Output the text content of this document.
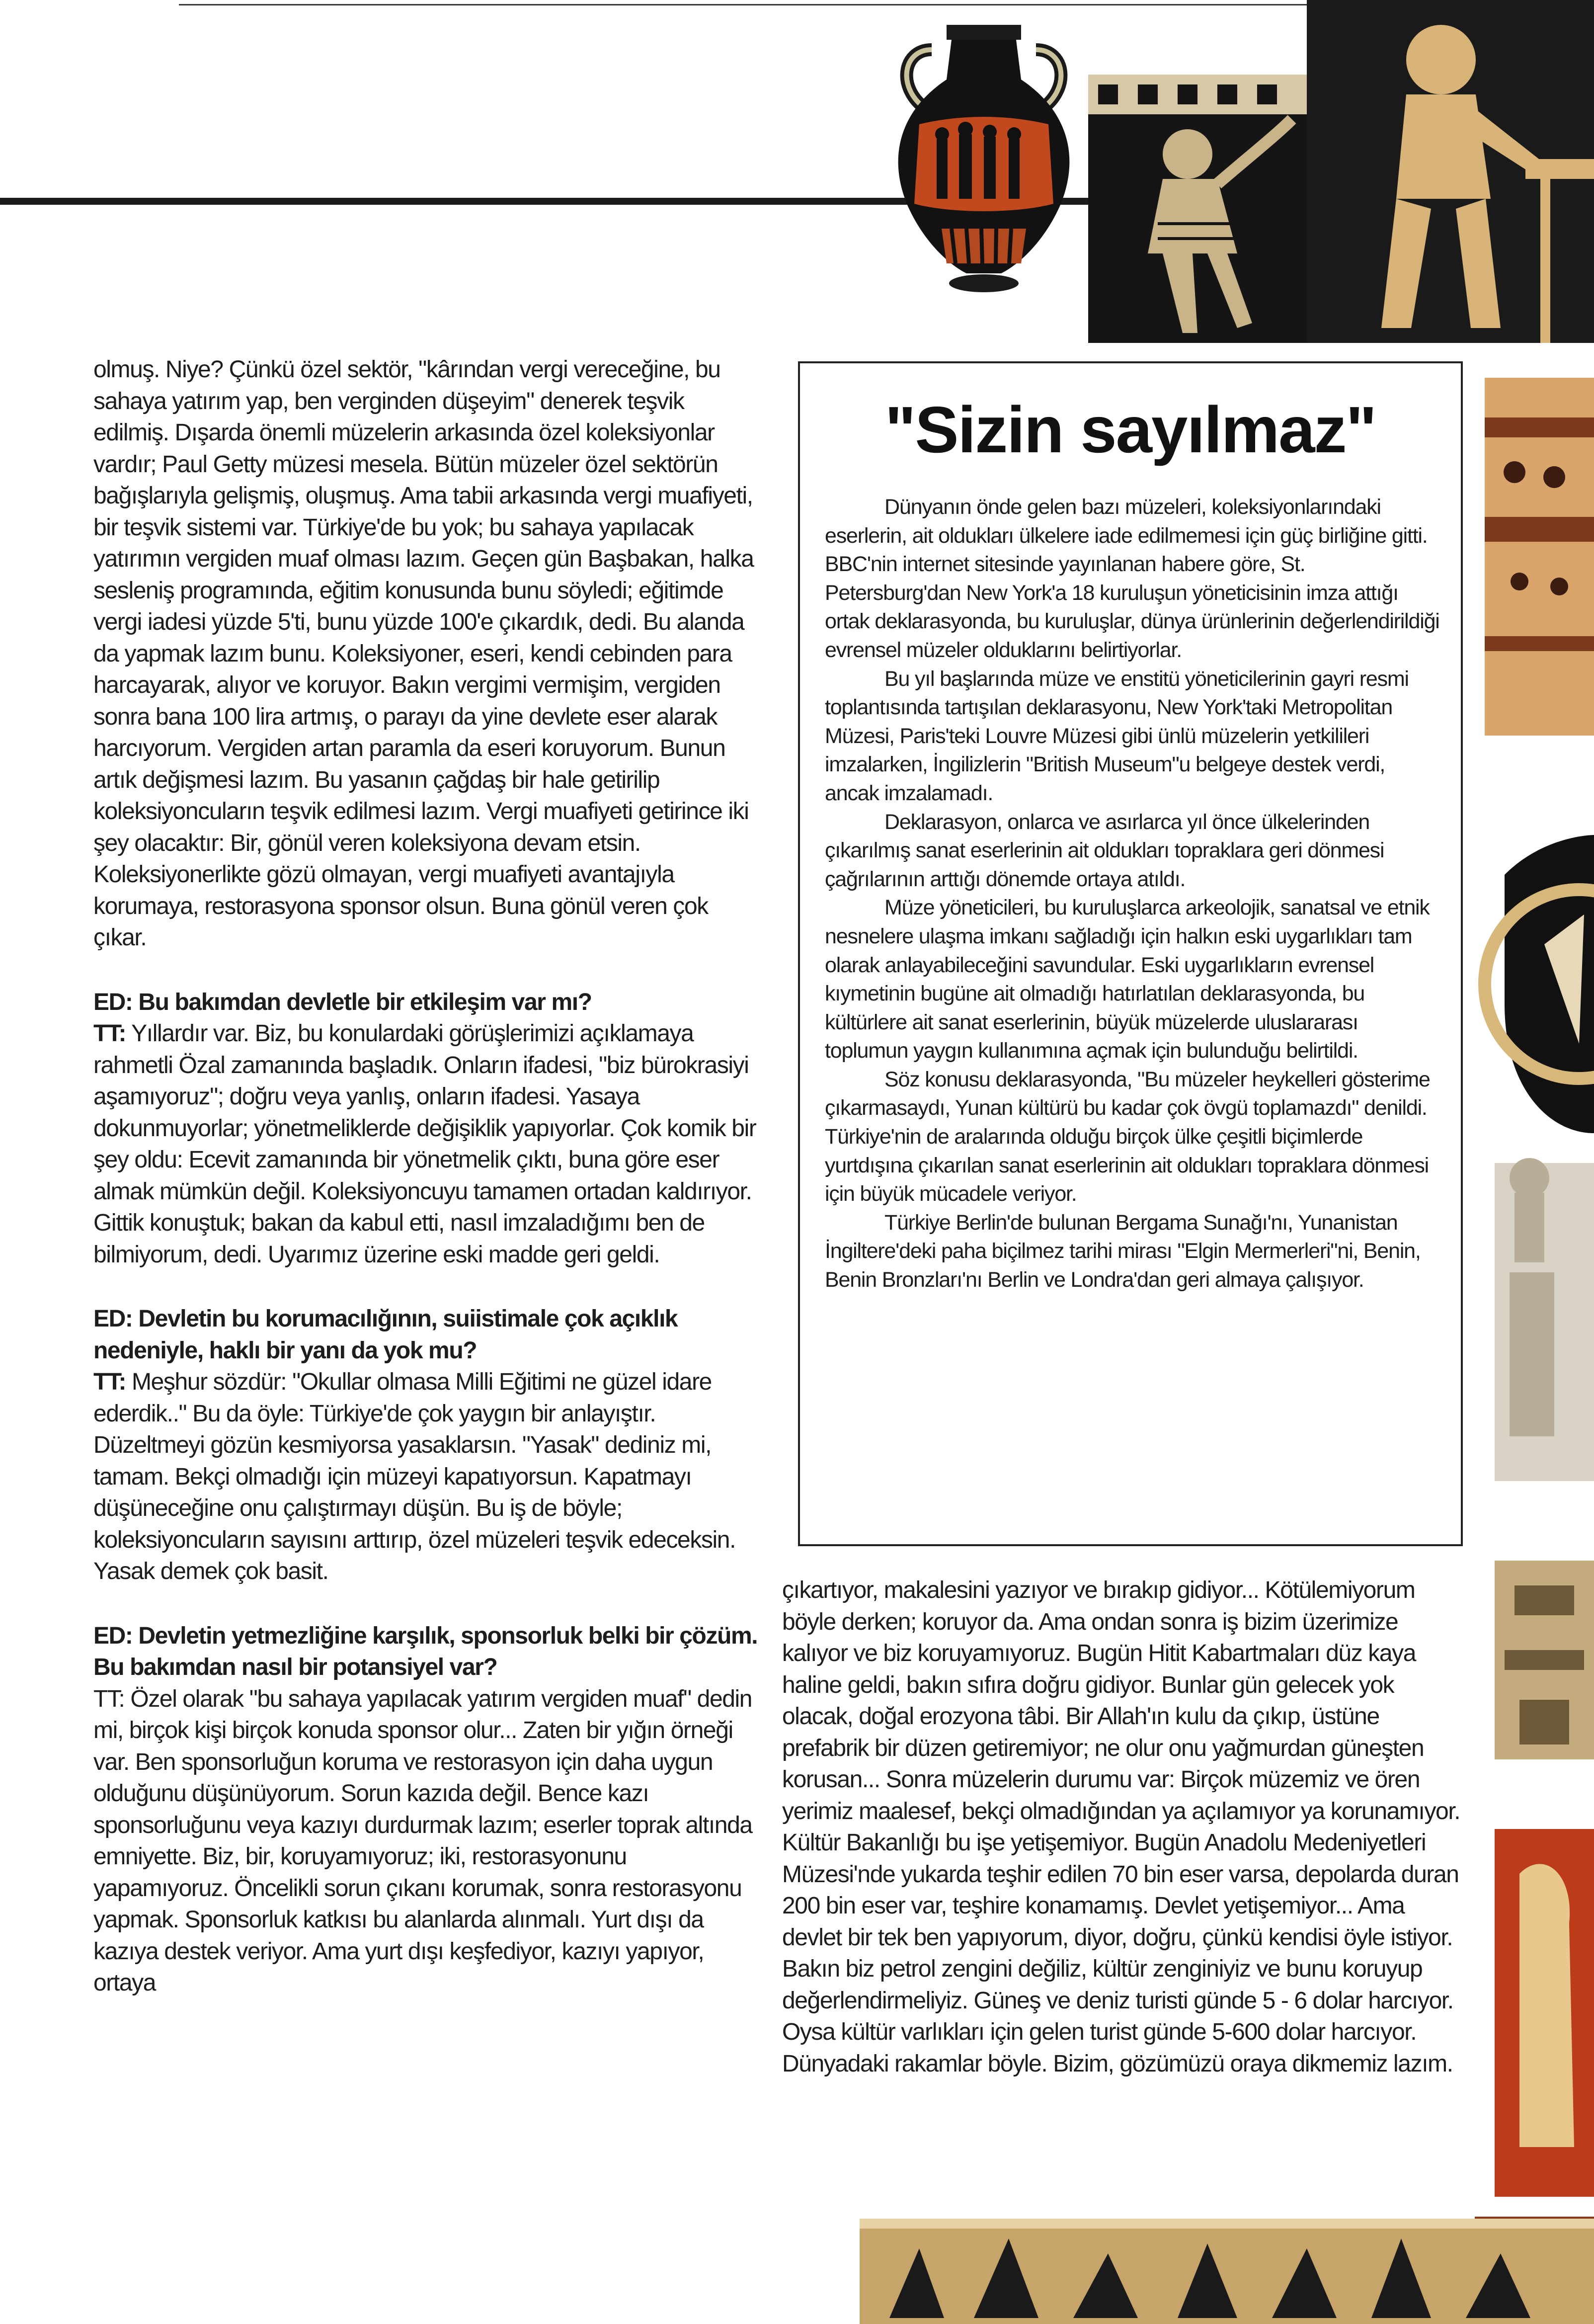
olmuş. Niye? Çünkü özel sektör, "kârından vergi vereceğine, bu sahaya yatırım yap, ben verginden düşeyim" denerek teşvik edilmiş. Dışarda önemli müzelerin arkasında özel koleksiyonlar vardır; Paul Getty müzesi mesela. Bütün müzeler özel sektörün bağışlarıyla gelişmiş, oluşmuş. Ama tabii arkasında vergi muafiyeti, bir teşvik sistemi var. Türkiye'de bu yok; bu sahaya yapılacak yatırımın vergiden muaf olması lazım. Geçen gün Başbakan, halka sesleniş programında, eğitim konusunda bunu söyledi; eğitimde vergi iadesi yüzde 5'ti, bunu yüzde 100'e çıkardık, dedi. Bu alanda da yapmak lazım bunu. Koleksiyoner, eseri, kendi cebinden para harcayarak, alıyor ve koruyor. Bakın vergimi vermişim, vergiden sonra bana 100 lira artmış, o parayı da yine devlete eser alarak harcıyorum. Vergiden artan paramla da eseri koruyorum. Bunun artık değişmesi lazım. Bu yasanın çağdaş bir hale getirilip koleksiyoncuların teşvik edilmesi lazım. Vergi muafiyeti getirince iki şey olacaktır: Bir, gönül veren koleksiyona devam etsin. Koleksiyonerlikte gözü olmayan, vergi muafiyeti avantajıyla korumaya, restorasyona sponsor olsun. Buna gönül veren çok çıkar.

ED: Bu bakımdan devletle bir etkileşim var mı?

TT: Yıllardır var. Biz, bu konulardaki görüşlerimizi açıklamaya rahmetli Özal zamanında başladık. Onların ifadesi, "biz bürokrasiyi aşamıyoruz"; doğru veya yanlış, onların ifadesi. Yasaya dokunmuyorlar; yönetmeliklerde değişiklik yapıyorlar. Çok komik bir şey oldu: Ecevit zamanında bir yönetmelik çıktı, buna göre eser almak mümkün değil. Koleksiyoncuyu tamamen ortadan kaldırıyor. Gittik konuştuk; bakan da kabul etti, nasıl imzaladığımı ben de bilmiyorum, dedi. Uyarımız üzerine eski madde geri geldi.

ED: Devletin bu korumacılığının, suiistimale çok açıklık nedeniyle, haklı bir yanı da yok mu?

TT: Meşhur sözdür: "Okullar olmasa Milli Eğitimi ne güzel idare ederdik.." Bu da öyle: Türkiye'de çok yaygın bir anlayıştır. Düzeltmeyi gözün kesmiyorsa yasaklarsın. "Yasak" dediniz mi, tamam. Bekçi olmadığı için müzeyi kapatıyorsun. Kapatmayı düşüneceğine onu çalıştırmayı düşün. Bu iş de böyle; koleksiyoncuların sayısını arttırıp, özel müzeleri teşvik edeceksin. Yasak demek çok basit.

ED: Devletin yetmezliğine karşılık, sponsorluk belki bir çözüm. Bu bakımdan nasıl bir potansiyel var?

TT: Özel olarak "bu sahaya yapılacak yatırım vergiden muaf" dedin mi, birçok kişi birçok konuda sponsor olur... Zaten bir yığın örneği var. Ben sponsorluğun koruma ve restorasyon için daha uygun olduğunu düşünüyorum. Sorun kazıda değil. Bence kazı sponsorluğunu veya kazıyı durdurmak lazım; eserler toprak altında emniyette. Biz, bir, koruyamıyoruz; iki, restorasyonunu yapamıyoruz. Öncelikli sorun çıkanı korumak, sonra restorasyonu yapmak. Sponsorluk katkısı bu alanlarda alınmalı. Yurt dışı da kazıya destek veriyor. Ama yurt dışı keşfediyor, kazıyı yapıyor, ortaya

"Sizin sayılmaz"

Dünyanın önde gelen bazı müzeleri, koleksiyonlarındaki eserlerin, ait oldukları ülkelere iade edilmemesi için güç birliğine gitti. BBC'nin internet sitesinde yayınlanan habere göre, St. Petersburg'dan New York'a 18 kuruluşun yöneticisinin imza attığı ortak deklarasyonda, bu kuruluşlar, dünya ürünlerinin değerlendirildiği evrensel müzeler olduklarını belirtiyorlar.

Bu yıl başlarında müze ve enstitü yöneticilerinin gayri resmi toplantısında tartışılan deklarasyonu, New York'taki Metropolitan Müzesi, Paris'teki Louvre Müzesi gibi ünlü müzelerin yetkilileri imzalarken, İngilizlerin "British Museum"u belgeye destek verdi, ancak imzalamadı.

Deklarasyon, onlarca ve asırlarca yıl önce ülkelerinden çıkarılmış sanat eserlerinin ait oldukları topraklara geri dönmesi çağrılarının arttığı dönemde ortaya atıldı.

Müze yöneticileri, bu kuruluşlarca arkeolojik, sanatsal ve etnik nesnelere ulaşma imkanı sağladığı için halkın eski uygarlıkları tam olarak anlayabileceğini savundular. Eski uygarlıkların evrensel kıymetinin bugüne ait olmadığı hatırlatılan deklarasyonda, bu kültürlere ait sanat eserlerinin, büyük müzelerde uluslararası toplumun yaygın kullanımına açmak için bulunduğu belirtildi.

Söz konusu deklarasyonda, "Bu müzeler heykelleri gösterime çıkarmasaydı, Yunan kültürü bu kadar çok övgü toplamazdı" denildi. Türkiye'nin de aralarında olduğu birçok ülke çeşitli biçimlerde yurtdışına çıkarılan sanat eserlerinin ait oldukları topraklara dönmesi için büyük mücadele veriyor.

Türkiye Berlin'de bulunan Bergama Sunağı'nı, Yunanistan İngiltere'deki paha biçilmez tarihi mirası "Elgin Mermerleri"ni, Benin, Benin Bronzları'nı Berlin ve Londra'dan geri almaya çalışıyor.

çıkartıyor, makalesini yazıyor ve bırakıp gidiyor... Kötülemiyorum böyle derken; koruyor da. Ama ondan sonra iş bizim üzerimize kalıyor ve biz koruyamıyoruz. Bugün Hitit Kabartmaları düz kaya haline geldi, bakın sıfıra doğru gidiyor. Bunlar gün gelecek yok olacak, doğal erozyona tâbi. Bir Allah'ın kulu da çıkıp, üstüne prefabrik bir düzen getiremiyor; ne olur onu yağmurdan güneşten korusan... Sonra müzelerin durumu var: Birçok müzemiz ve ören yerimiz maalesef, bekçi olmadığından ya açılamıyor ya korunamıyor. Kültür Bakanlığı bu işe yetişemiyor. Bugün Anadolu Medeniyetleri Müzesi'nde yukarda teşhir edilen 70 bin eser varsa, depolarda duran 200 bin eser var, teşhire konamamış. Devlet yetişemiyor... Ama devlet bir tek ben yapıyorum, diyor, doğru, çünkü kendisi öyle istiyor. Bakın biz petrol zengini değiliz, kültür zenginiyiz ve bunu koruyup değerlendirmeliyiz. Güneş ve deniz turisti günde 5 - 6 dolar harcıyor. Oysa kültür varlıkları için gelen turist günde 5-600 dolar harcıyor. Dünyadaki rakamlar böyle. Bizim, gözümüzü oraya dikmemiz lazım.
